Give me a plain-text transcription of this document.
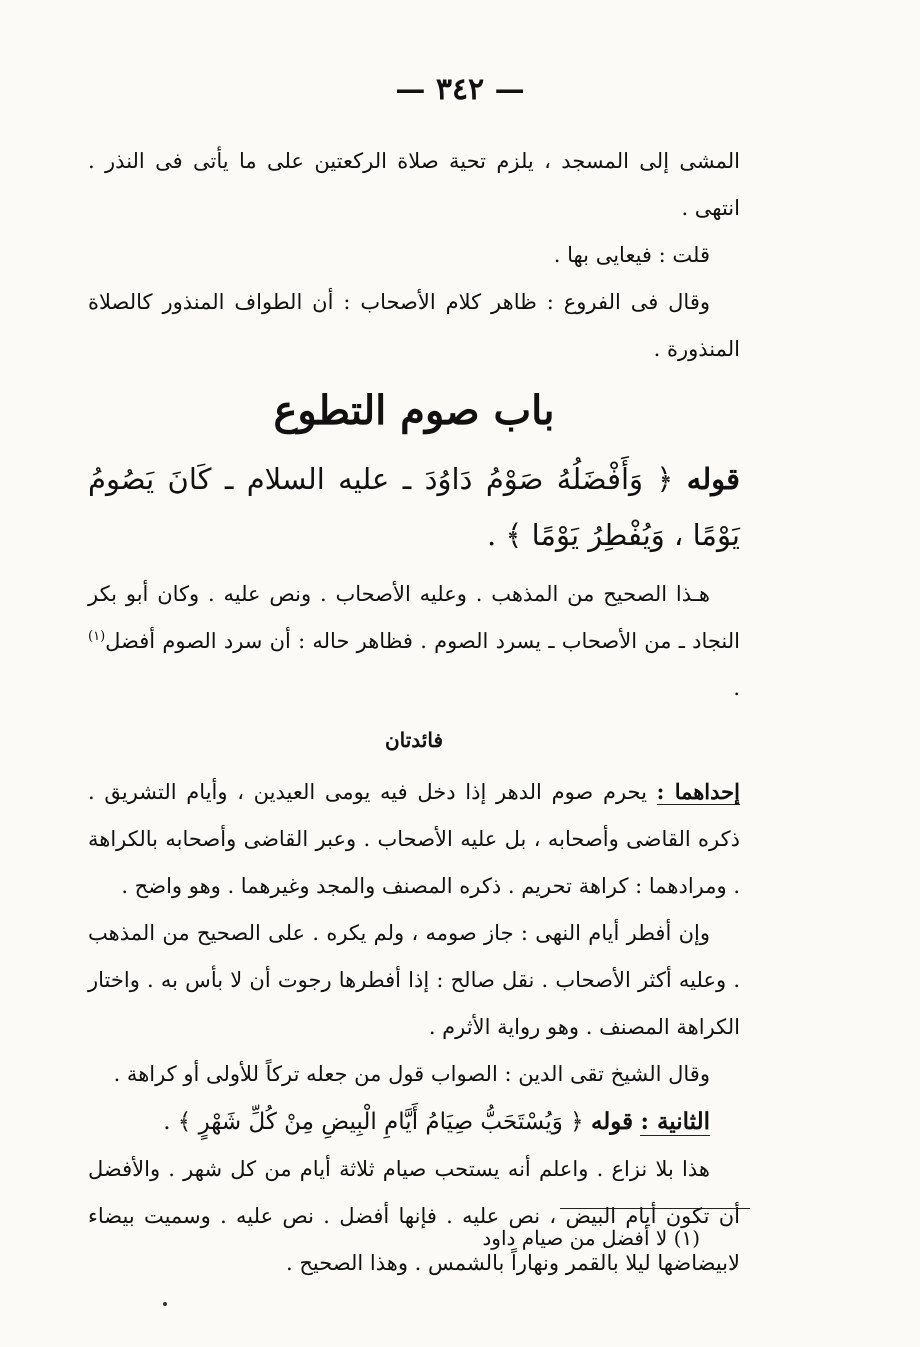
— ٣٤٢ —

المشى إلى المسجد ، يلزم تحية صلاة الركعتين على ما يأتى فى النذر . انتهى .

قلت : فيعايى بها .

وقال فى الفروع : ظاهر كلام الأصحاب : أن الطواف المنذور كالصلاة المنذورة .

باب صوم التطوع

قوله ﴿ وَأَفْضَلُهُ صَوْمُ دَاوُدَ ـ عليه السلام ـ كَانَ يَصُومُ يَوْمًا ، وَيُفْطِرُ يَوْمًا ﴾ .

هـذا الصحيح من المذهب . وعليه الأصحاب . ونص عليه . وكان أبو بكر النجاد ـ من الأصحاب ـ يسرد الصوم . فظاهر حاله : أن سرد الصوم أفضل$^{(١)}$ .

فائدتان

إحداهما : يحرم صوم الدهر إذا دخل فيه يومى العيدين ، وأيام التشريق . ذكره القاضى وأصحابه ، بل عليه الأصحاب . وعبر القاضى وأصحابه بالكراهة . ومرادهما : كراهة تحريم . ذكره المصنف والمجد وغيرهما . وهو واضح .

وإن أفطر أيام النهى : جاز صومه ، ولم يكره . على الصحيح من المذهب . وعليه أكثر الأصحاب . نقل صالح : إذا أفطرها رجوت أن لا بأس به . واختار الكراهة المصنف . وهو رواية الأثرم .

وقال الشيخ تقى الدين : الصواب قول من جعله تركاً للأولى أو كراهة .

الثانية : قوله ﴿ وَيُسْتَحَبُّ صِيَامُ أَيَّامِ الْبِيضِ مِنْ كُلِّ شَهْرٍ ﴾ .

هذا بلا نزاع . واعلم أنه يستحب صيام ثلاثة أيام من كل شهر . والأفضل أن تكون أيام البيض ، نص عليه . فإنها أفضل . نص عليه . وسميت بيضاء لابيضاضها ليلا بالقمر ونهاراً بالشمس . وهذا الصحيح .

(١) لا أفضل من صيام داود
